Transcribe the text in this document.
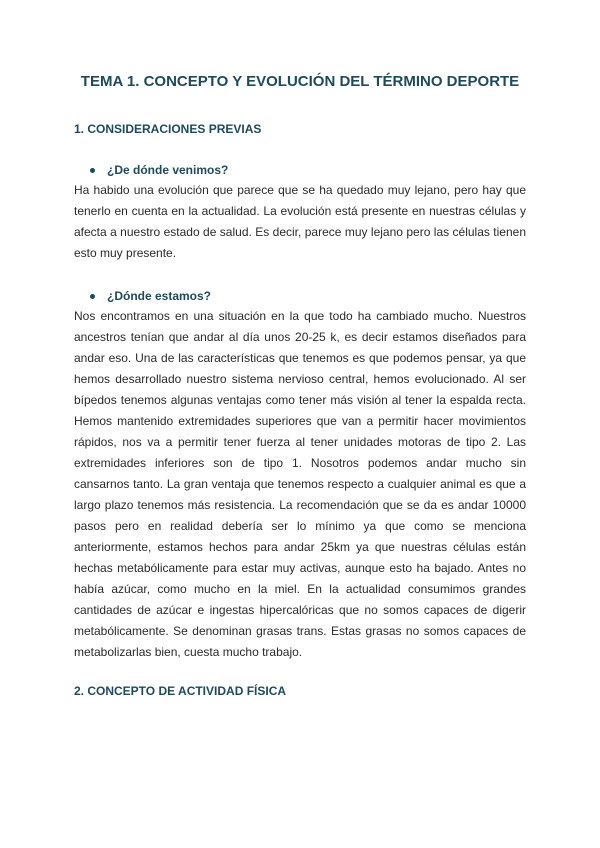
TEMA 1. CONCEPTO Y EVOLUCIÓN DEL TÉRMINO DEPORTE
1. CONSIDERACIONES PREVIAS
¿De dónde venimos?

Ha habido una evolución que parece que se ha quedado muy lejano, pero hay que tenerlo en cuenta en la actualidad. La evolución está presente en nuestras células y afecta a nuestro estado de salud. Es decir, parece muy lejano pero las células tienen esto muy presente.

¿Dónde estamos?

Nos encontramos en una situación en la que todo ha cambiado mucho. Nuestros ancestros tenían que andar al día unos 20-25 k, es decir estamos diseñados para andar eso. Una de las características que tenemos es que podemos pensar, ya que hemos desarrollado nuestro sistema nervioso central, hemos evolucionado. Al ser bípedos tenemos algunas ventajas como tener más visión al tener la espalda recta. Hemos mantenido extremidades superiores que van a permitir hacer movimientos rápidos, nos va a permitir tener fuerza al tener unidades motoras de tipo 2. Las extremidades inferiores son de tipo 1. Nosotros podemos andar mucho sin cansarnos tanto. La gran ventaja que tenemos respecto a cualquier animal es que a largo plazo tenemos más resistencia. La recomendación que se da es andar 10000 pasos pero en realidad debería ser lo mínimo ya que como se menciona anteriormente, estamos hechos para andar 25km ya que nuestras células están hechas metabólicamente para estar muy activas, aunque esto ha bajado. Antes no había azúcar, como mucho en la miel. En la actualidad consumimos grandes cantidades de azúcar e ingestas hipercalóricas que no somos capaces de digerir metabólicamente. Se denominan grasas trans. Estas grasas no somos capaces de metabolizarlas bien, cuesta mucho trabajo.

2. CONCEPTO DE ACTIVIDAD FÍSICA
